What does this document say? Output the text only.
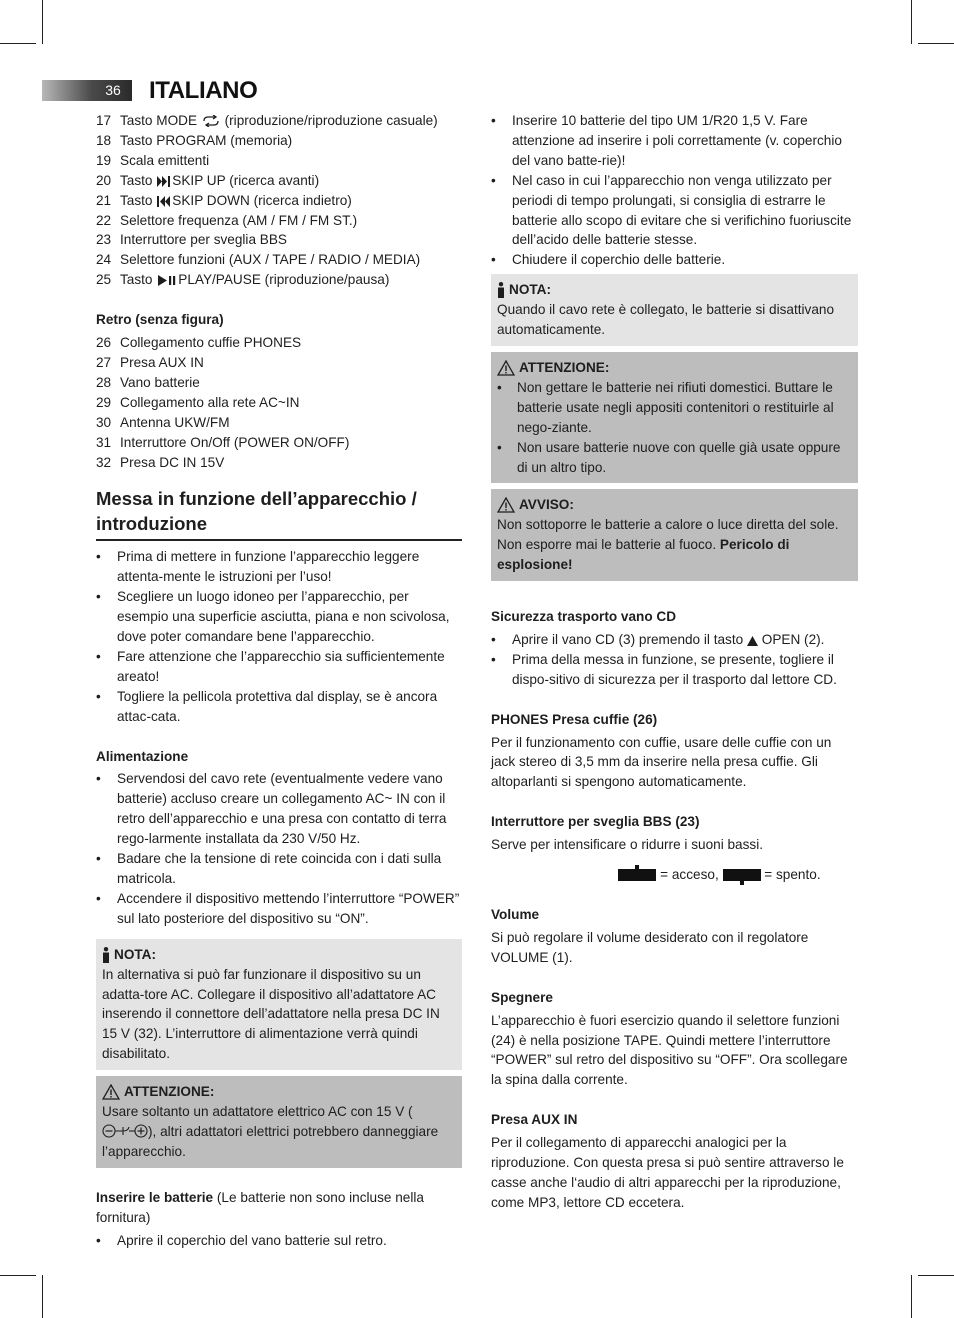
36	ITALIANO
17 Tasto MODE  (riproduzione/riproduzione casuale)
18 Tasto PROGRAM (memoria)
19 Scala emittenti
20 Tasto SKIP UP (ricerca avanti)
21 Tasto SKIP DOWN (ricerca indietro)
22 Selettore frequenza (AM / FM / FM ST.)
23 Interruttore per sveglia BBS
24 Selettore funzioni (AUX / TAPE / RADIO / MEDIA)
25 Tasto PLAY/PAUSE (riproduzione/pausa)
Retro (senza figura)
26 Collegamento cuffie PHONES
27 Presa AUX IN
28 Vano batterie
29 Collegamento alla rete AC~IN
30 Antenna UKW/FM
31 Interruttore On/Off (POWER ON/OFF)
32 Presa DC IN 15V
Messa in funzione dell’apparecchio /
introduzione
•	Prima di mettere in funzione l’apparecchio leggere attenta-mente le istruzioni per l’uso!
•	Scegliere un luogo idoneo per l’apparecchio, per esempio una superficie asciutta, piana e non scivolosa, dove poter comandare bene l’apparecchio.
•	Fare attenzione che l’apparecchio sia sufficientemente areato!
•	Togliere la pellicola protettiva dal display, se è ancora attac-cata.
Alimentazione
•	Servendosi del cavo rete (eventualmente vedere vano batterie) accluso creare un collegamento AC~ IN con il retro dell’apparecchio e una presa con contatto di terra rego-larmente installata da 230 V/50 Hz.
•	Badare che la tensione di rete coincida con i dati sulla matricola.
•	Accendere il dispositivo mettendo l’interruttore “POWER” sul lato posteriore del dispositivo su “ON”.
NOTA:
In alternativa si può far funzionare il dispositivo su un adatta-tore AC. Collegare il dispositivo all’adattatore AC inserendo il connettore dell’adattatore nella presa DC IN 15 V (32). L’interruttore di alimentazione verrà quindi disabilitato.
ATTENZIONE:
Usare soltanto un adattatore elettrico AC con 15 V (), altri adattatori elettrici potrebbero danneggiare l’apparecchio.
Inserire le batterie (Le batterie non sono incluse nella fornitura)
•	Aprire il coperchio del vano batterie sul retro.
•	Inserire 10 batterie del tipo UM 1/R20 1,5 V. Fare attenzione ad inserire i poli correttamente (v. coperchio del vano batte-rie)!
•	Nel caso in cui l’apparecchio non venga utilizzato per periodi di tempo prolungati, si consiglia di estrarre le batterie allo scopo di evitare che si verifichino fuoriuscite dell’acido delle batterie stesse.
•	Chiudere il coperchio delle batterie.
NOTA:
Quando il cavo rete è collegato, le batterie si disattivano automaticamente.
ATTENZIONE:
•	Non gettare le batterie nei rifiuti domestici. Buttare le batterie usate negli appositi contenitori o restituirle al nego-ziante.
•	Non usare batterie nuove con quelle già usate oppure di un altro tipo.
AVVISO:
Non sottoporre le batterie a calore o luce diretta del sole. Non esporre mai le batterie al fuoco. Pericolo di esplosione!
Sicurezza trasporto vano CD
•	Aprire il vano CD (3) premendo il tasto  OPEN (2).
•	Prima della messa in funzione, se presente, togliere il dispo-sitivo di sicurezza per il trasporto dal lettore CD.
PHONES Presa cuffie (26)
Per il funzionamento con cuffie, usare delle cuffie con un jack stereo di 3,5 mm da inserire nella presa cuffie. Gli altoparlanti si spengono automaticamente.
Interruttore per sveglia BBS (23)
Serve per intensificare o ridurre i suoni bassi.
= acceso,	= spento.
Volume
Si può regolare il volume desiderato con il regolatore VOLUME (1).
Spegnere
L’apparecchio è fuori esercizio quando il selettore funzioni (24) è nella posizione TAPE. Quindi mettere l’interruttore “POWER” sul retro del dispositivo su “OFF”. Ora scollegare la spina dalla corrente.
Presa AUX IN
Per il collegamento di apparecchi analogici per la riproduzione. Con questa presa si può sentire attraverso le casse anche l‘audio di altri apparecchi per la riproduzione, come MP3, lettore CD eccetera.
